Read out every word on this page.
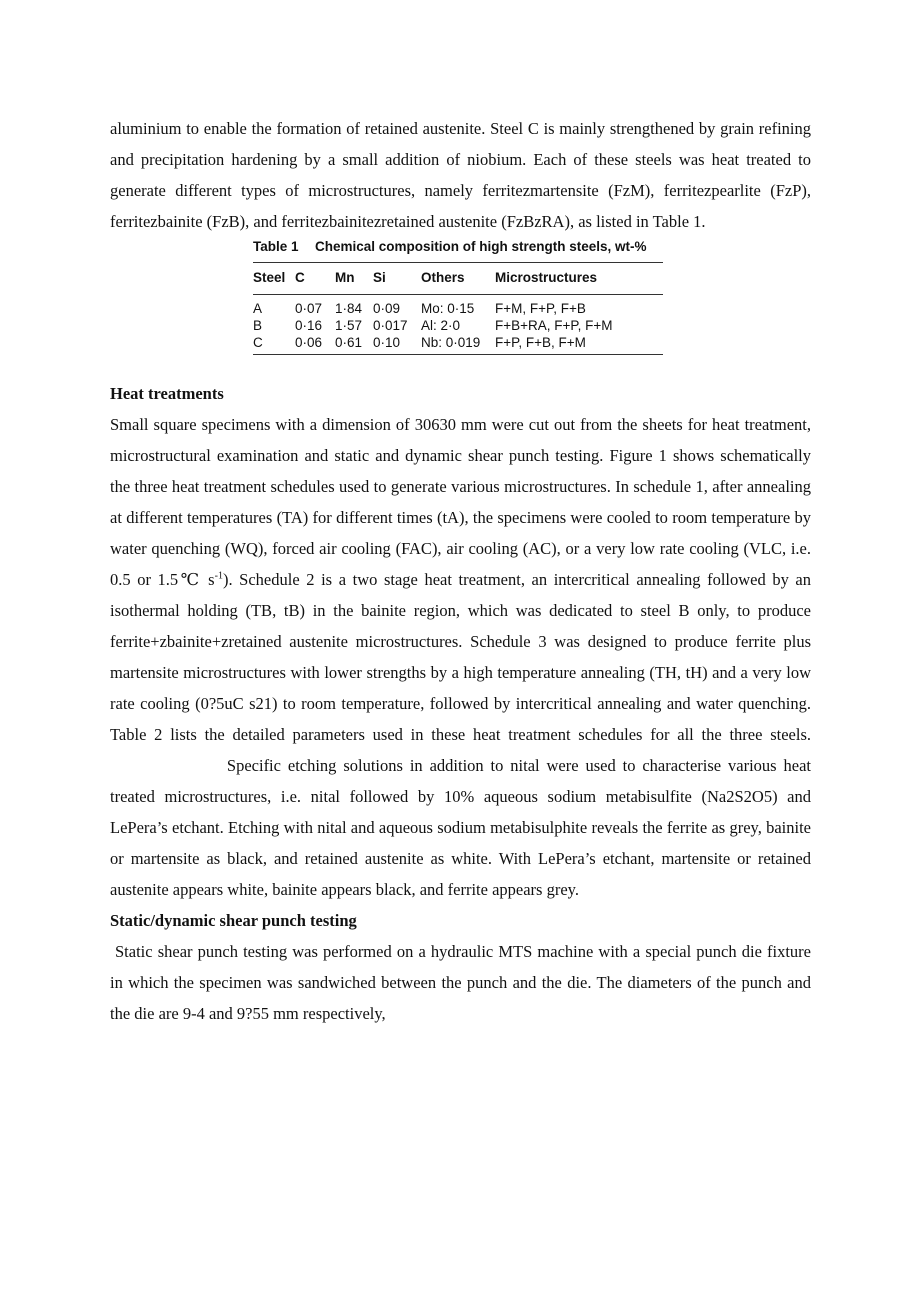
aluminium to enable the formation of retained austenite. Steel C is mainly strengthened by grain refining and precipitation hardening by a small addition of niobium. Each of these steels was heat treated to generate different types of microstructures, namely ferritezmartensite (FzM), ferritezpearlite (FzP), ferritezbainite (FzB), and ferritezbainitezretained austenite (FzBzRA), as listed in Table 1.

Table 1	Chemical composition of high strength steels, wt-%
Steel	C	Mn	Si	Others	Microstructures
A	0·07	1·84	0·09	Mo: 0·15	F+M, F+P, F+B
B	0·16	1·57	0·017	Al: 2·0	F+B+RA, F+P, F+M
C	0·06	0·61	0·10	Nb: 0·019	F+P, F+B, F+M

Heat treatments

Small square specimens with a dimension of 30630 mm were cut out from the sheets for heat treatment, microstructural examination and static and dynamic shear punch testing. Figure 1 shows schematically the three heat treatment schedules used to generate various microstructures. In schedule 1, after annealing at different temperatures (TA) for different times (tA), the specimens were cooled to room temperature by water quenching (WQ), forced air cooling (FAC), air cooling (AC), or a very low rate cooling (VLC, i.e. 0.5 or 1.5℃ $s^{-1}$). Schedule 2 is a two stage heat treatment, an intercritical annealing followed by an isothermal holding (TB, tB) in the bainite region, which was dedicated to steel B only, to produce ferrite+zbainite+zretained austenite microstructures. Schedule 3 was designed to produce ferrite plus martensite microstructures with lower strengths by a high temperature annealing (TH, tH) and a very low rate cooling (0?5uC s21) to room temperature, followed by intercritical annealing and water quenching. Table 2 lists the detailed parameters used in these heat treatment schedules for all the three steels. Specific etching solutions in addition to nital were used to characterise various heat treated microstructures, i.e. nital followed by 10% aqueous sodium metabisulfite (Na2S2O5) and LePera’s etchant. Etching with nital and aqueous sodium metabisulphite reveals the ferrite as grey, bainite or martensite as black, and retained austenite as white. With LePera’s etchant, martensite or retained austenite appears white, bainite appears black, and ferrite appears grey.

Static/dynamic shear punch testing

Static shear punch testing was performed on a hydraulic MTS machine with a special punch die fixture in which the specimen was sandwiched between the punch and the die. The diameters of the punch and the die are 9-4 and 9?55 mm respectively,
